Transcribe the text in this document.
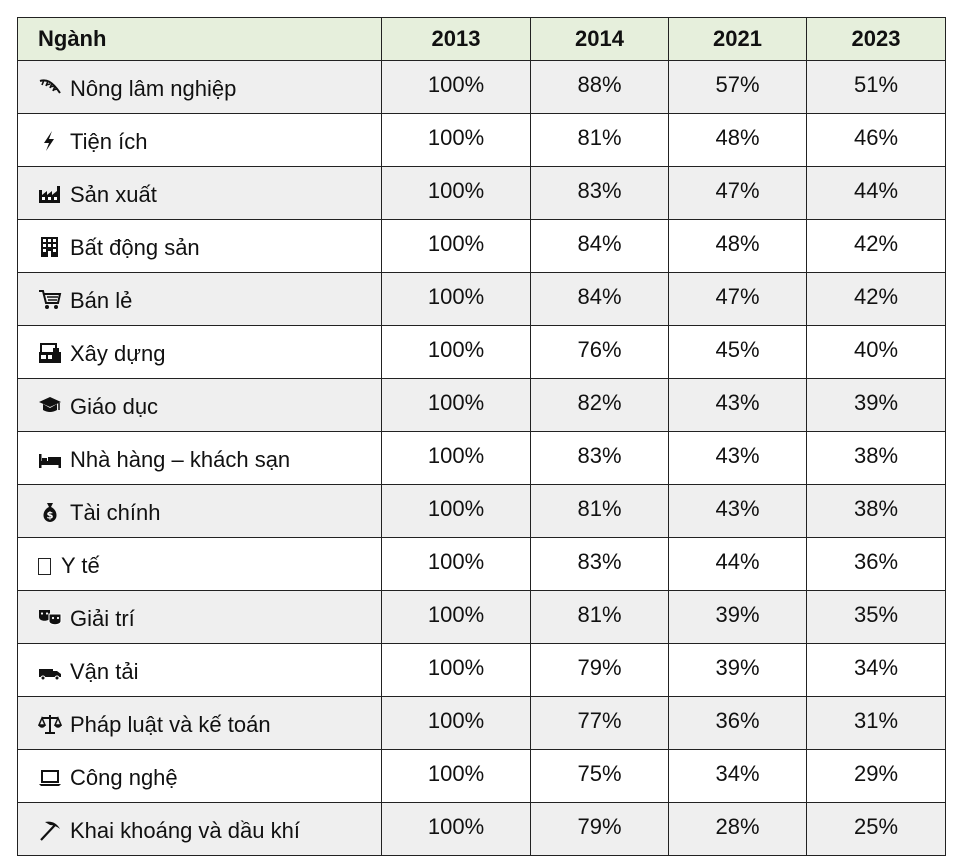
Ngành	2013	2014	2021	2023
Nông lâm nghiệp	100%	88%	57%	51%
Tiện ích	100%	81%	48%	46%
Sản xuất	100%	83%	47%	44%
Bất động sản	100%	84%	48%	42%
Bán lẻ	100%	84%	47%	42%
Xây dựng	100%	76%	45%	40%
Giáo dục	100%	82%	43%	39%
Nhà hàng – khách sạn	100%	83%	43%	38%

$ Tài chính	100%	81%	43%	38%
Y tế	100%	83%	44%	36%
Giải trí	100%	81%	39%	35%
Vận tải	100%	79%	39%	34%
Pháp luật và kế toán	100%	77%	36%	31%
Công nghệ	100%	75%	34%	29%
Khai khoáng và dầu khí	100%	79%	28%	25%
